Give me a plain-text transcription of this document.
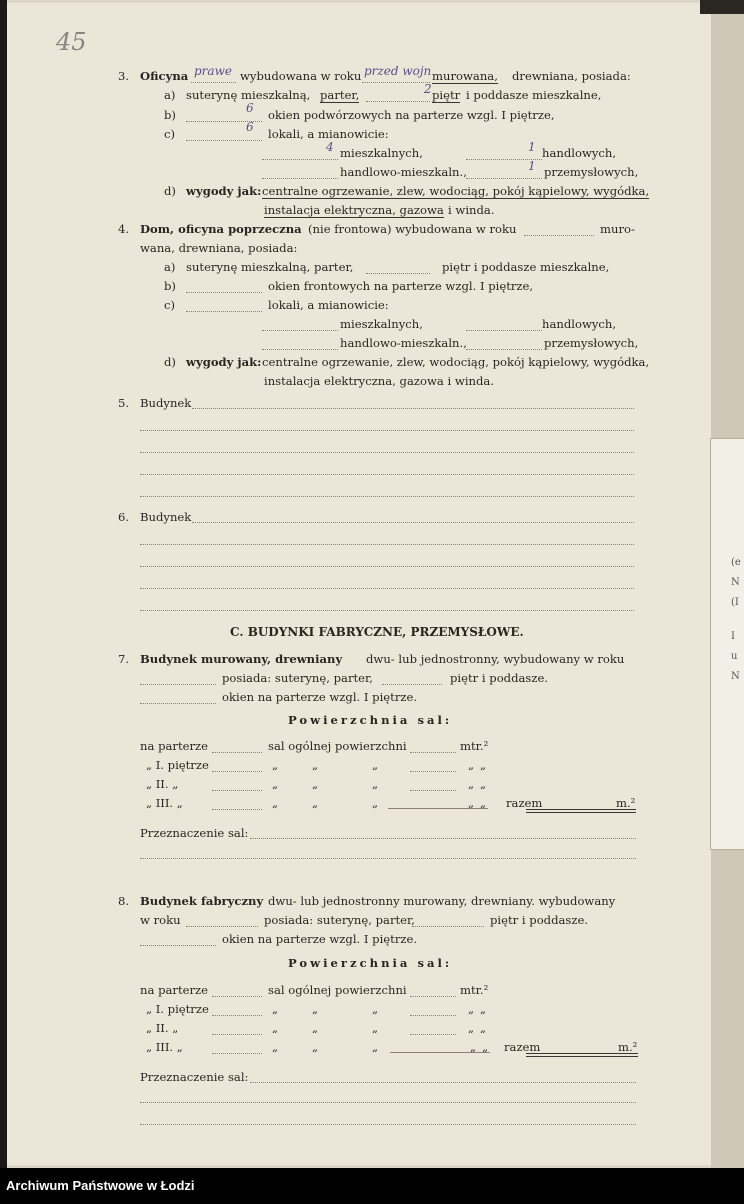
(e
N
(I
I
u
N
45
3. Oficyna prawe wybudowana w roku przed wojn murowana, drewniana, posiada:
a) suterynę mieszkalną, parter,	2 piętr i poddasze mieszkalne,
b)	6 okien podwórzowych na parterze wzgl. I piętrze,
c)	6 lokali, a mianowicie:
4 mieszkalnych,	1 handlowych,
handlowo-mieszkaln.,	1 przemysłowych,
d) wygody jak: centralne ogrzewanie, zlew, wodociąg, pokój kąpielowy, wygódka,
instalacja elektryczna, gazowa i winda.
4. Dom, oficyna poprzeczna (nie frontowa) wybudowana w roku	muro-
wana, drewniana, posiada:
a) suterynę mieszkalną, parter,	piętr i poddasze mieszkalne,
b)	okien frontowych na parterze wzgl. I piętrze,
c)	lokali, a mianowicie:
mieszkalnych,	handlowych,
handlowo-mieszkaln.,	przemysłowych,
d) wygody jak: centralne ogrzewanie, zlew, wodociąg, pokój kąpielowy, wygódka,
instalacja elektryczna, gazowa i winda.
5. Budynek
6. Budynek
C. BUDYNKI FABRYCZNE, PRZEMYSŁOWE.
7. Budynek murowany, drewniany dwu- lub jednostronny, wybudowany w roku
posiada: suterynę, parter,	piętr i poddasze.
okien na parterze wzgl. I piętrze.
Powierzchnia sal:
na parterze	sal ogólnej powierzchni	mtr.²
„ I. piętrze	„	„	„	„ „
„ II. „	„	„	„	„ „
„ III. „	„	„	„	„ „ razem	m.²
Przeznaczenie sal:
8. Budynek fabryczny dwu- lub jednostronny murowany, drewniany. wybudowany
w roku	posiada: suterynę, parter,	piętr i poddasze.
okien na parterze wzgl. I piętrze.
Powierzchnia sal:
na parterze	sal ogólnej powierzchni	mtr.²
„ I. piętrze	„	„	„	„ „
„ II. „	„	„	„	„ „
„ III. „	„	„	„	„ „ razem	m.²
Przeznaczenie sal:
Archiwum Państwowe w Łodzi
